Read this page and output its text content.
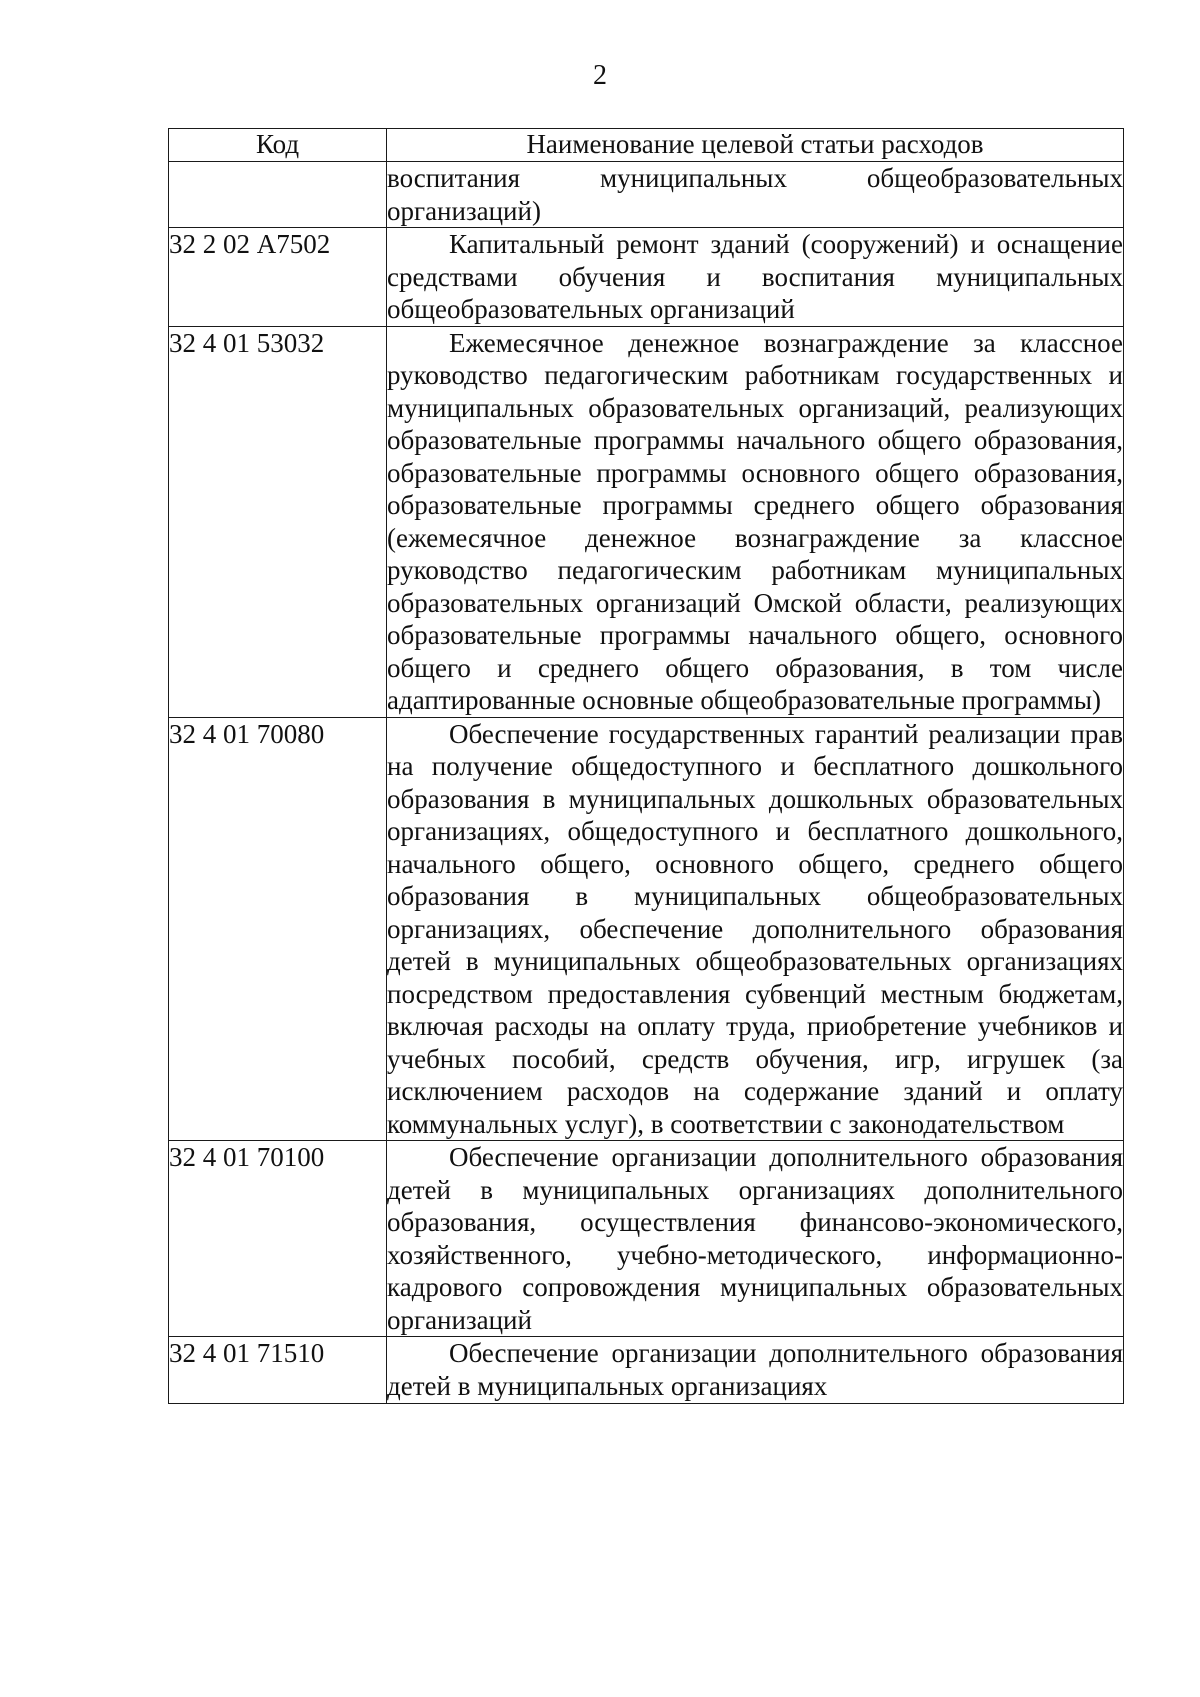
2
Код	Наименование целевой статьи расходов
	воспитания муниципальных общеобразовательных организаций)
32 2 02 А7502	Капитальный ремонт зданий (сооружений) и оснащение средствами обучения и воспитания муниципальных общеобразовательных организаций
32 4 01 53032	Ежемесячное денежное вознаграждение за классное руководство педагогическим работникам государственных и муниципальных образовательных организаций, реализующих образовательные программы начального общего образования, образовательные программы основного общего образования, образовательные программы среднего общего образования (ежемесячное денежное вознаграждение за классное руководство педагогическим работникам муниципальных образовательных организаций Омской области, реализующих образовательные программы начального общего, основного общего и среднего общего образования, в том числе адаптированные основные общеобразовательные программы)
32 4 01 70080	Обеспечение государственных гарантий реализации прав на получение общедоступного и бесплатного дошкольного образования в муниципальных дошкольных образовательных организациях, общедоступного и бесплатного дошкольного, начального общего, основного общего, среднего общего образования в муниципальных общеобразовательных организациях, обеспечение дополнительного образования детей в муниципальных общеобразовательных организациях посредством предоставления субвенций местным бюджетам, включая расходы на оплату труда, приобретение учебников и учебных пособий, средств обучения, игр, игрушек (за исключением расходов на содержание зданий и оплату коммунальных услуг), в соответствии с законодательством
32 4 01 70100	Обеспечение организации дополнительного образования детей в муниципальных организациях дополнительного образования, осуществления финансово-экономического, хозяйственного, учебно-методического, информационно-кадрового сопровождения муниципальных образовательных организаций
32 4 01 71510	Обеспечение организации дополнительного образования детей в муниципальных организациях
